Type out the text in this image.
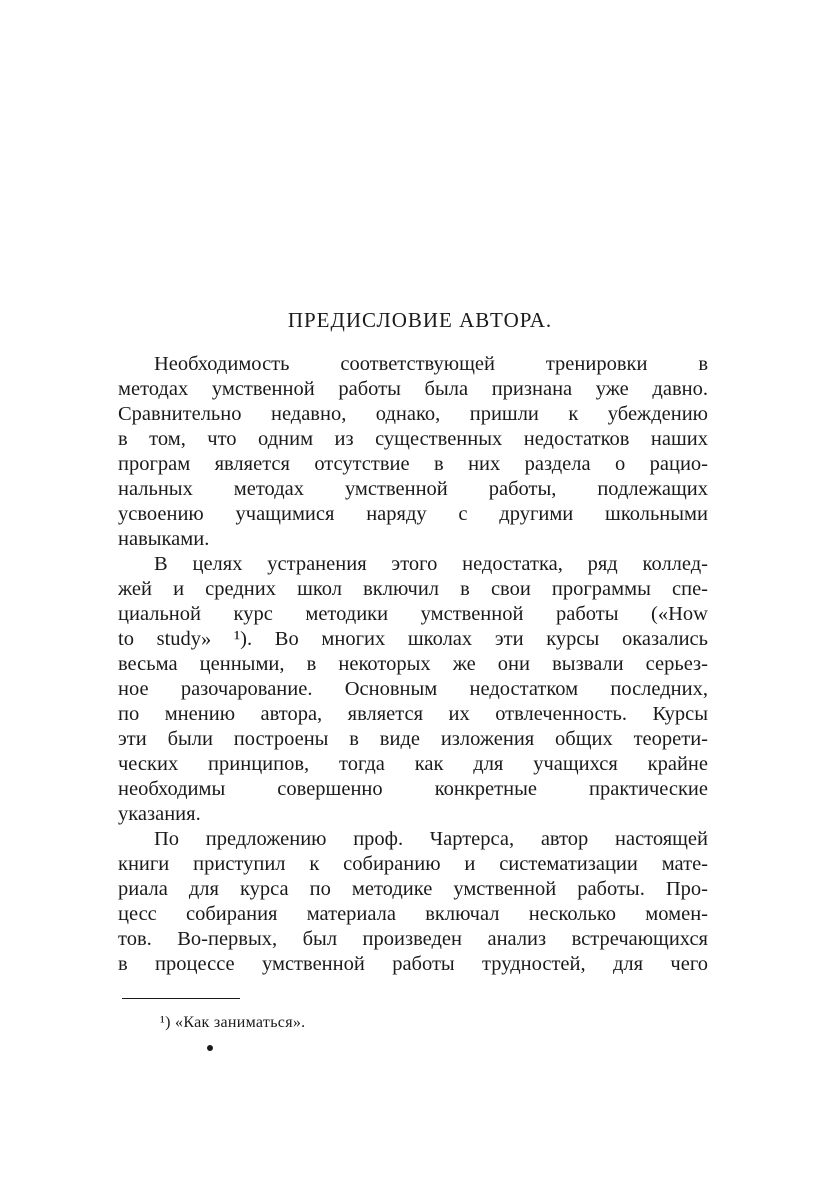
ПРЕДИСЛОВИЕ АВТОРА.
Необходимость соответствующей тренировки в
методах умственной работы была признана уже давно.
Сравнительно недавно, однако, пришли к убеждению
в том, что одним из существенных недостатков наших
програм является отсутствие в них раздела о рацио-
нальных методах умственной работы, подлежащих
усвоению учащимися наряду с другими школьными
навыками.
В целях устранения этого недостатка, ряд коллед-
жей и средних школ включил в свои программы спе-
циальной курс методики умственной работы («How
to study» ¹). Во многих школах эти курсы оказались
весьма ценными, в некоторых же они вызвали серьез-
ное разочарование. Основным недостатком последних,
по мнению автора, является их отвлеченность. Курсы
эти были построены в виде изложения общих теорети-
ческих принципов, тогда как для учащихся крайне
необходимы совершенно конкретные практические
указания.
По предложению проф. Чартерса, автор настоящей
книги приступил к собиранию и систематизации мате-
риала для курса по методике умственной работы. Про-
цесс собирания материала включал несколько момен-
тов. Во-первых, был произведен анализ встречающихся
в процессе умственной работы трудностей, для чего
¹) «Как заниматься».
